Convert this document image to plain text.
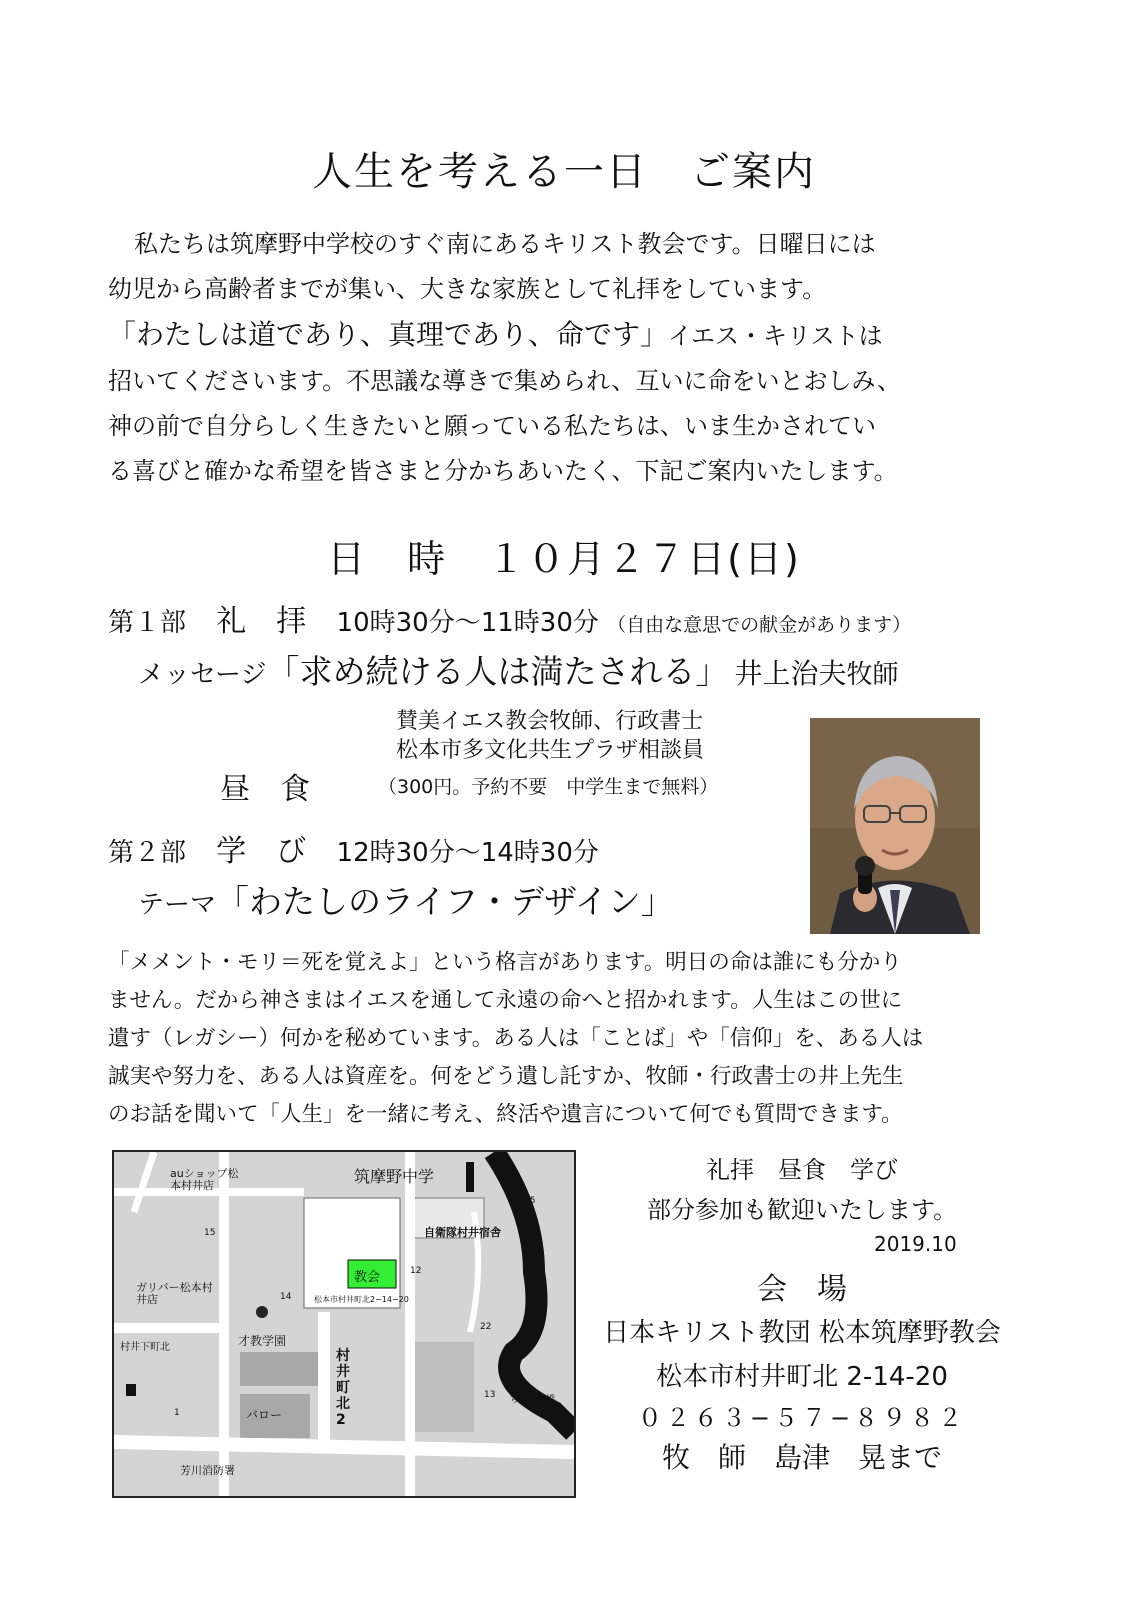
人生を考える一日　ご案内

私たちは筑摩野中学校のすぐ南にあるキリスト教会です。日曜日には

幼児から高齢者までが集い、大きな家族として礼拝をしています。

「わたしは道であり、真理であり、命です」イエス・キリストは

招いてくださいます。不思議な導きで集められ、互いに命をいとおしみ、

神の前で自分らしく生きたいと願っている私たちは、いま生かされてい

る喜びと確かな希望を皆さまと分かちあいたく、下記ご案内いたします。

日　時　１０月２７日(日)
第１部 礼　拝 10時30分～11時30分 （自由な意思での献金があります）
メッセージ「求め続ける人は満たされる」 井上治夫牧師
賛美イエス教会牧師、行政書士
松本市多文化共生プラザ相談員
昼　食	（300円。予約不要　中学生まで無料）
第２部 学　び 12時30分～14時30分
テーマ「わたしのライフ・デザイン」

「メメント・モリ＝死を覚えよ」という格言があります。明日の命は誰にも分かり

ません。だから神さまはイエスを通して永遠の命へと招かれます。人生はこの世に

遺す（レガシー）何かを秘めています。ある人は「ことば」や「信仰」を、ある人は

誠実や努力を、ある人は資産を。何をどう遺し託すか、牧師・行政書士の井上先生

のお話を聞いて「人生」を一緒に考え、終活や遺言について何でも質問できます。

筑摩野中学
教会
松本市村井町北2−14−20
auショップ松本村井店
ガリバー松本村井店
才教学園
村井下町北
バロー
芳川消防署
村井町北2
自衛隊村井宿舎
ちくま野橋
15
14
12
35
22
1
13
礼拝　昼食　学び
部分参加も歓迎いたします。
2019.10
会　場
日本キリスト教団 松本筑摩野教会
松本市村井町北 2-14-20
０２６３−５７−８９８２
牧　師　島津　晃まで
